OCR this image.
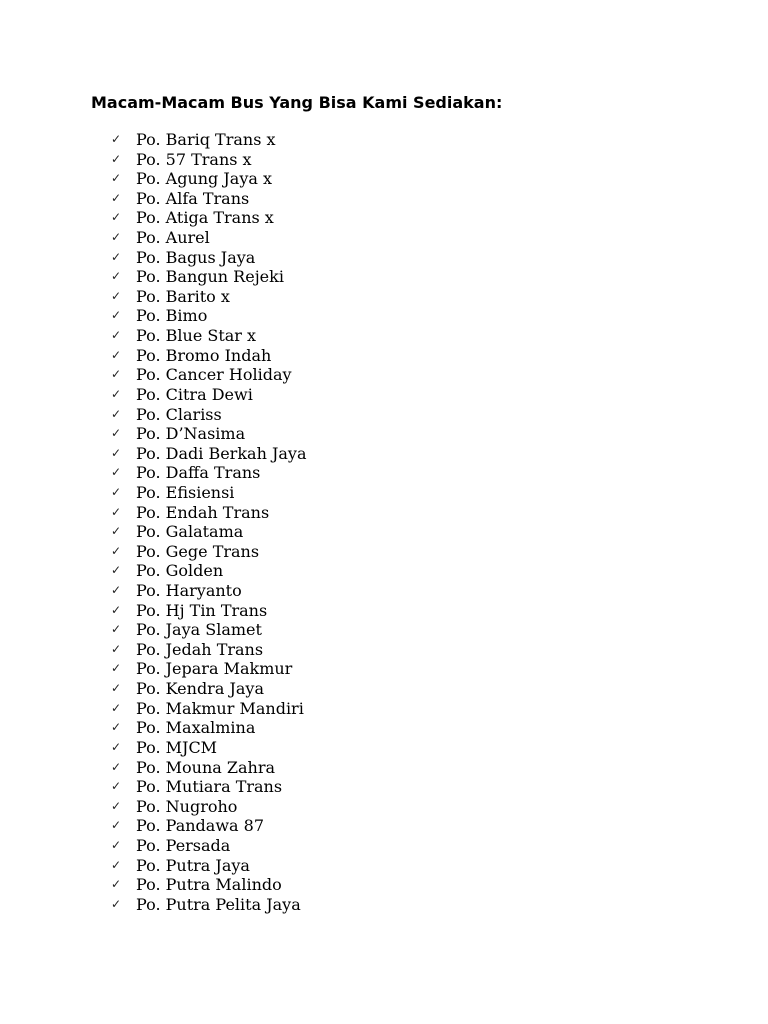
Macam-Macam Bus Yang Bisa Kami Sediakan:
✓ Po. Bariq Trans x
✓ Po. 57 Trans x
✓ Po. Agung Jaya x
✓ Po. Alfa Trans
✓ Po. Atiga Trans x
✓ Po. Aurel
✓ Po. Bagus Jaya
✓ Po. Bangun Rejeki
✓ Po. Barito x
✓ Po. Bimo
✓ Po. Blue Star x
✓ Po. Bromo Indah
✓ Po. Cancer Holiday
✓ Po. Citra Dewi
✓ Po. Clariss
✓ Po. D’Nasima
✓ Po. Dadi Berkah Jaya
✓ Po. Daffa Trans
✓ Po. Efisiensi
✓ Po. Endah Trans
✓ Po. Galatama
✓ Po. Gege Trans
✓ Po. Golden
✓ Po. Haryanto
✓ Po. Hj Tin Trans
✓ Po. Jaya Slamet
✓ Po. Jedah Trans
✓ Po. Jepara Makmur
✓ Po. Kendra Jaya
✓ Po. Makmur Mandiri
✓ Po. Maxalmina
✓ Po. MJCM
✓ Po. Mouna Zahra
✓ Po. Mutiara Trans
✓ Po. Nugroho
✓ Po. Pandawa 87
✓ Po. Persada
✓ Po. Putra Jaya
✓ Po. Putra Malindo
✓ Po. Putra Pelita Jaya
